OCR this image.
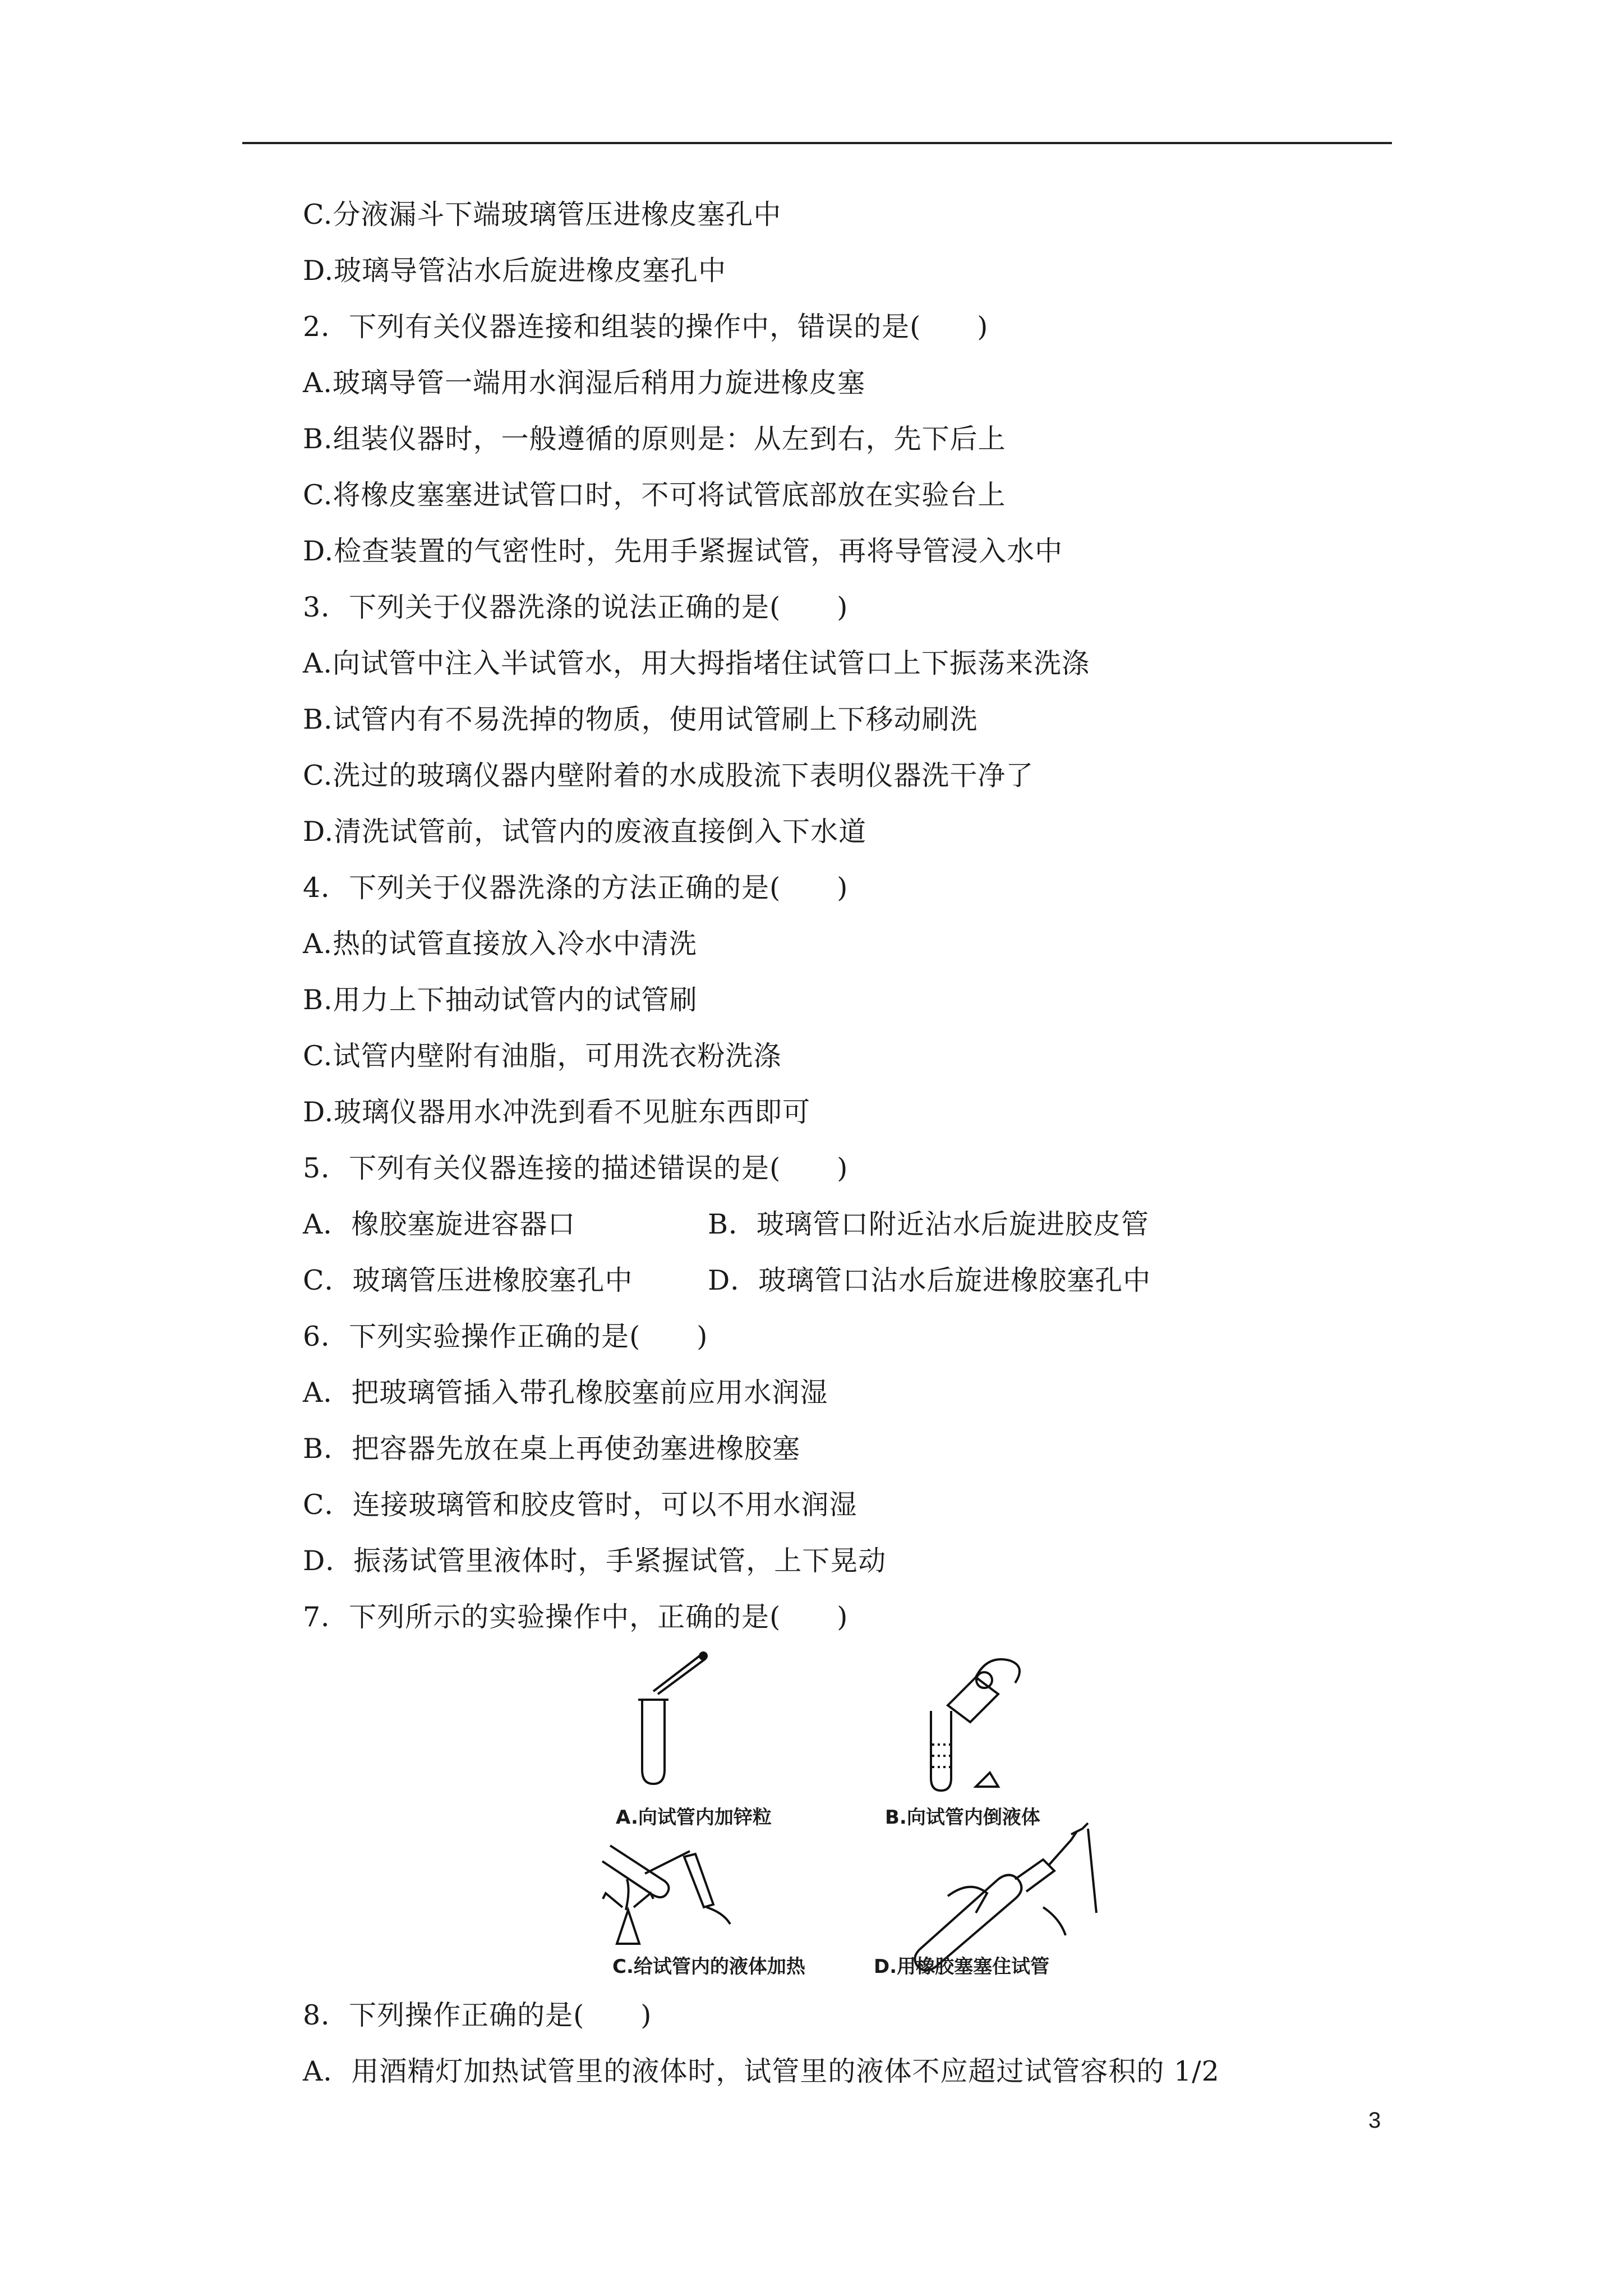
C.分液漏斗下端玻璃管压进橡皮塞孔中
D.玻璃导管沾水后旋进橡皮塞孔中
2．下列有关仪器连接和组装的操作中，错误的是(　　)
A.玻璃导管一端用水润湿后稍用力旋进橡皮塞
B.组装仪器时，一般遵循的原则是：从左到右，先下后上
C.将橡皮塞塞进试管口时，不可将试管底部放在实验台上
D.检查装置的气密性时，先用手紧握试管，再将导管浸入水中
3．下列关于仪器洗涤的说法正确的是(　　)
A.向试管中注入半试管水，用大拇指堵住试管口上下振荡来洗涤
B.试管内有不易洗掉的物质，使用试管刷上下移动刷洗
C.洗过的玻璃仪器内壁附着的水成股流下表明仪器洗干净了
D.清洗试管前，试管内的废液直接倒入下水道
4．下列关于仪器洗涤的方法正确的是(　　)
A.热的试管直接放入冷水中清洗
B.用力上下抽动试管内的试管刷
C.试管内壁附有油脂，可用洗衣粉洗涤
D.玻璃仪器用水冲洗到看不见脏东西即可
5．下列有关仪器连接的描述错误的是(　　)
A．橡胶塞旋进容器口	B．玻璃管口附近沾水后旋进胶皮管
C．玻璃管压进橡胶塞孔中	D．玻璃管口沾水后旋进橡胶塞孔中
6．下列实验操作正确的是(　　)
A．把玻璃管插入带孔橡胶塞前应用水润湿
B．把容器先放在桌上再使劲塞进橡胶塞
C．连接玻璃管和胶皮管时，可以不用水润湿
D．振荡试管里液体时，手紧握试管，上下晃动
7．下列所示的实验操作中，正确的是(　　)
A.向试管内加锌粒	B.向试管内倒液体
C.给试管内的液体加热	D.用橡胶塞塞住试管
8．下列操作正确的是(　　)
A．用酒精灯加热试管里的液体时，试管里的液体不应超过试管容积的 1/2
3
